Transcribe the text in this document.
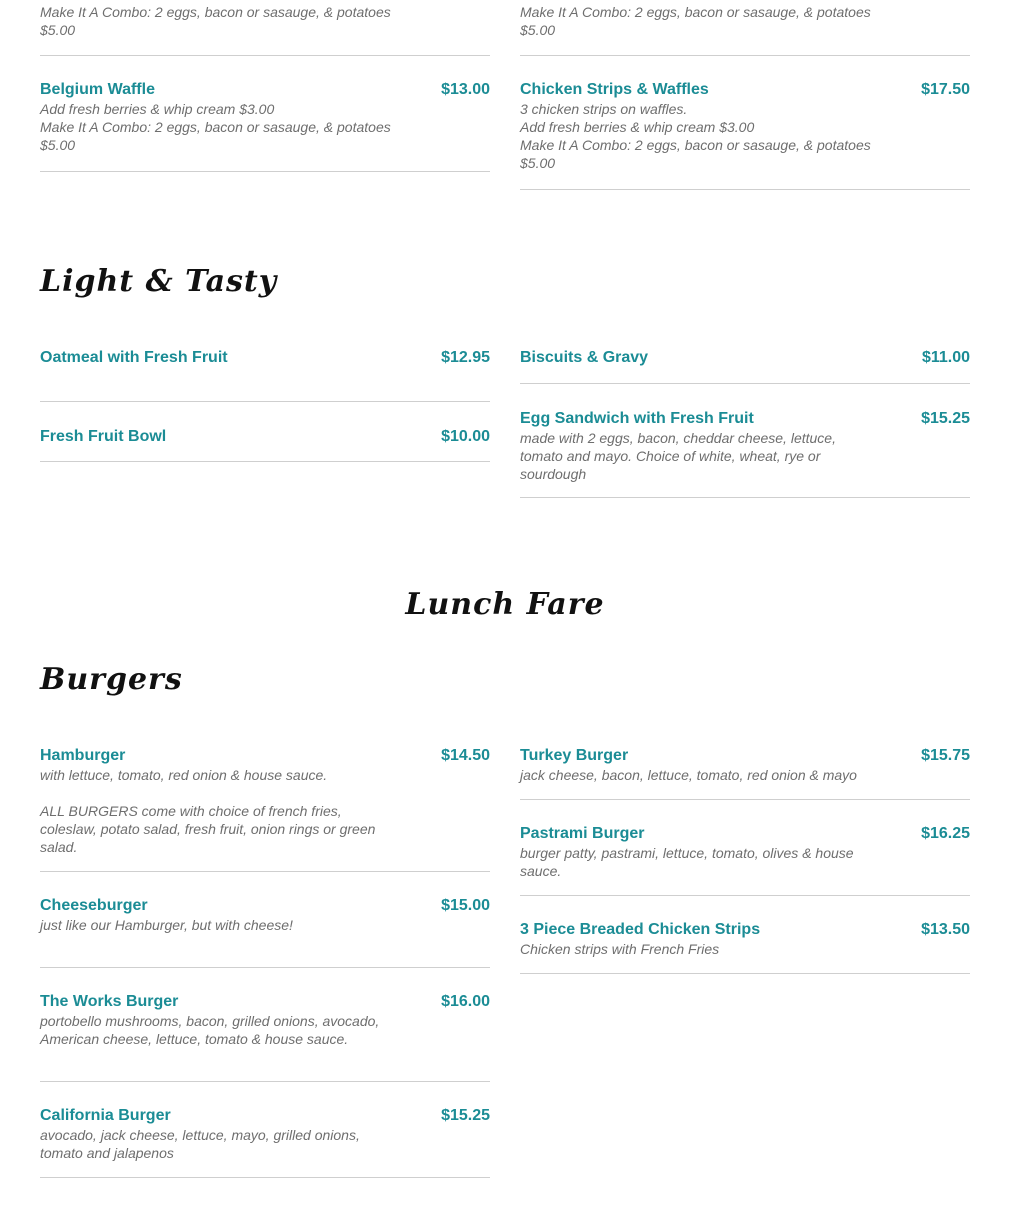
Make It A Combo: 2 eggs, bacon or sasauge, & potatoes $5.00
Belgium Waffle	$13.00
Add fresh berries & whip cream $3.00
Make It A Combo: 2 eggs, bacon or sasauge, & potatoes $5.00
Make It A Combo: 2 eggs, bacon or sasauge, & potatoes $5.00
Chicken Strips & Waffles	$17.50
3 chicken strips on waffles.
Add fresh berries & whip cream $3.00
Make It A Combo: 2 eggs, bacon or sasauge, & potatoes $5.00
Light & Tasty
Oatmeal with Fresh Fruit	$12.95
Fresh Fruit Bowl	$10.00
Biscuits & Gravy	$11.00
Egg Sandwich with Fresh Fruit	$15.25
made with 2 eggs, bacon, cheddar cheese, lettuce, tomato and mayo. Choice of white, wheat, rye or sourdough
Lunch Fare
Burgers
Hamburger	$14.50
with lettuce, tomato, red onion & house sauce.

ALL BURGERS come with choice of french fries, coleslaw, potato salad, fresh fruit, onion rings or green salad.
Cheeseburger	$15.00
just like our Hamburger, but with cheese!
The Works Burger	$16.00
portobello mushrooms, bacon, grilled onions, avocado, American cheese, lettuce, tomato & house sauce.
California Burger	$15.25
avocado, jack cheese, lettuce, mayo, grilled onions, tomato and jalapenos
Turkey Burger	$15.75
jack cheese, bacon, lettuce, tomato, red onion & mayo
Pastrami Burger	$16.25
burger patty, pastrami, lettuce, tomato, olives & house sauce.
3 Piece Breaded Chicken Strips	$13.50
Chicken strips with French Fries
